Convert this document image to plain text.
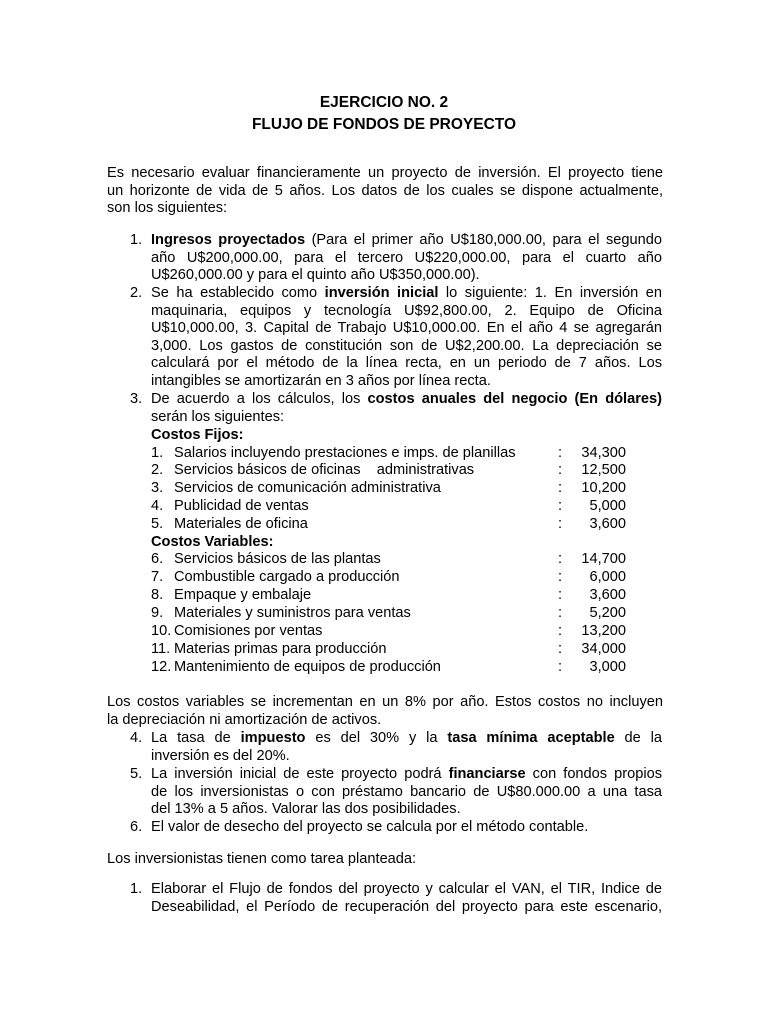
EJERCICIO NO. 2
FLUJO DE FONDOS DE PROYECTO
Es necesario evaluar financieramente un proyecto de inversión. El proyecto tiene
un horizonte de vida de 5 años. Los datos de los cuales se dispone actualmente,
son los siguientes:
1. Ingresos proyectados (Para el primer año U$180,000.00, para el segundo
año U$200,000.00, para el tercero U$220,000.00, para el cuarto año
U$260,000.00 y para el quinto año U$350,000.00).
2. Se ha establecido como inversión inicial lo siguiente: 1. En inversión en
maquinaria, equipos y tecnología U$92,800.00, 2. Equipo de Oficina
U$10,000.00, 3. Capital de Trabajo U$10,000.00. En el año 4 se agregarán
3,000. Los gastos de constitución son de U$2,200.00. La depreciación se
calculará por el método de la línea recta, en un periodo de 7 años. Los
intangibles se amortizarán en 3 años por línea recta.
3. De acuerdo a los cálculos, los costos anuales del negocio (En dólares)
serán los siguientes:
Costos Fijos:
1. Salarios incluyendo prestaciones e imps. de planillas	: 34,300
2. Servicios básicos de oficinas    administrativas	: 12,500
3. Servicios de comunicación administrativa	: 10,200
4. Publicidad de ventas	: 5,000
5. Materiales de oficina	: 3,600
Costos Variables:
6. Servicios básicos de las plantas	: 14,700
7. Combustible cargado a producción	: 6,000
8. Empaque y embalaje	: 3,600
9. Materiales y suministros para ventas	: 5,200
10. Comisiones por ventas	: 13,200
11. Materias primas para producción	: 34,000
12. Mantenimiento de equipos de producción	: 3,000
Los costos variables se incrementan en un 8% por año. Estos costos no incluyen
la depreciación ni amortización de activos.
4. La tasa de impuesto es del 30% y la tasa mínima aceptable de la
inversión es del 20%.
5. La inversión inicial de este proyecto podrá financiarse con fondos propios
de los inversionistas o con préstamo bancario de U$80.000.00 a una tasa
del 13% a 5 años. Valorar las dos posibilidades.
6. El valor de desecho del proyecto se calcula por el método contable.
Los inversionistas tienen como tarea planteada:
1. Elaborar el Flujo de fondos del proyecto y calcular el VAN, el TIR, Indice de
Deseabilidad, el Período de recuperación del proyecto para este escenario,
